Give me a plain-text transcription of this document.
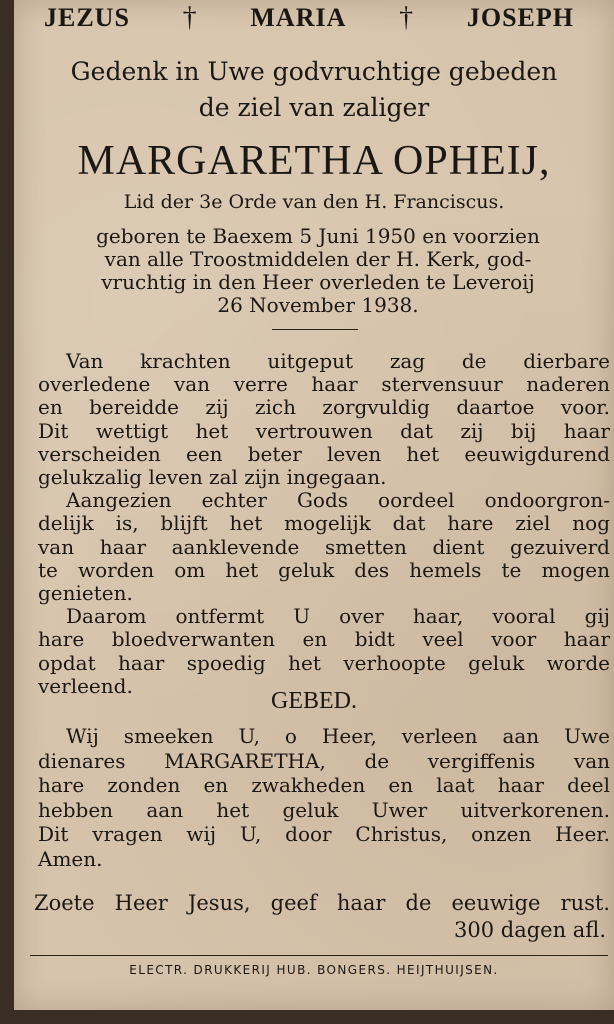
JEZUS † MARIA † JOSEPH
Gedenk in Uwe godvruchtige gebeden
de ziel van zaliger
MARGARETHA OPHEIJ,
Lid der 3e Orde van den H. Franciscus.
geboren te Baexem 5 Juni 1950 en voorzien
van alle Troostmiddelen der H. Kerk, god-
vruchtig in den Heer overleden te Leveroij
26 November 1938.
Van krachten uitgeput zag de dierbare
overledene van verre haar stervensuur naderen
en bereidde zij zich zorgvuldig daartoe voor.
Dit wettigt het vertrouwen dat zij bij haar
verscheiden een beter leven het eeuwigdurend
gelukzalig leven zal zijn ingegaan.
Aangezien echter Gods oordeel ondoorgron-
delijk is, blijft het mogelijk dat hare ziel nog
van haar aanklevende smetten dient gezuiverd
te worden om het geluk des hemels te mogen
genieten.
Daarom ontfermt U over haar, vooral gij
hare bloedverwanten en bidt veel voor haar
opdat haar spoedig het verhoopte geluk worde
verleend.
GEBED.
Wij smeeken U, o Heer, verleen aan Uwe
dienares MARGARETHA, de vergiffenis van
hare zonden en zwakheden en laat haar deel
hebben aan het geluk Uwer uitverkorenen.
Dit vragen wij U, door Christus, onzen Heer.
Amen.
Zoete Heer Jesus, geef haar de eeuwige rust.
300 dagen afl.
ELECTR. DRUKKERIJ HUB. BONGERS. HEIJTHUIJSEN.
